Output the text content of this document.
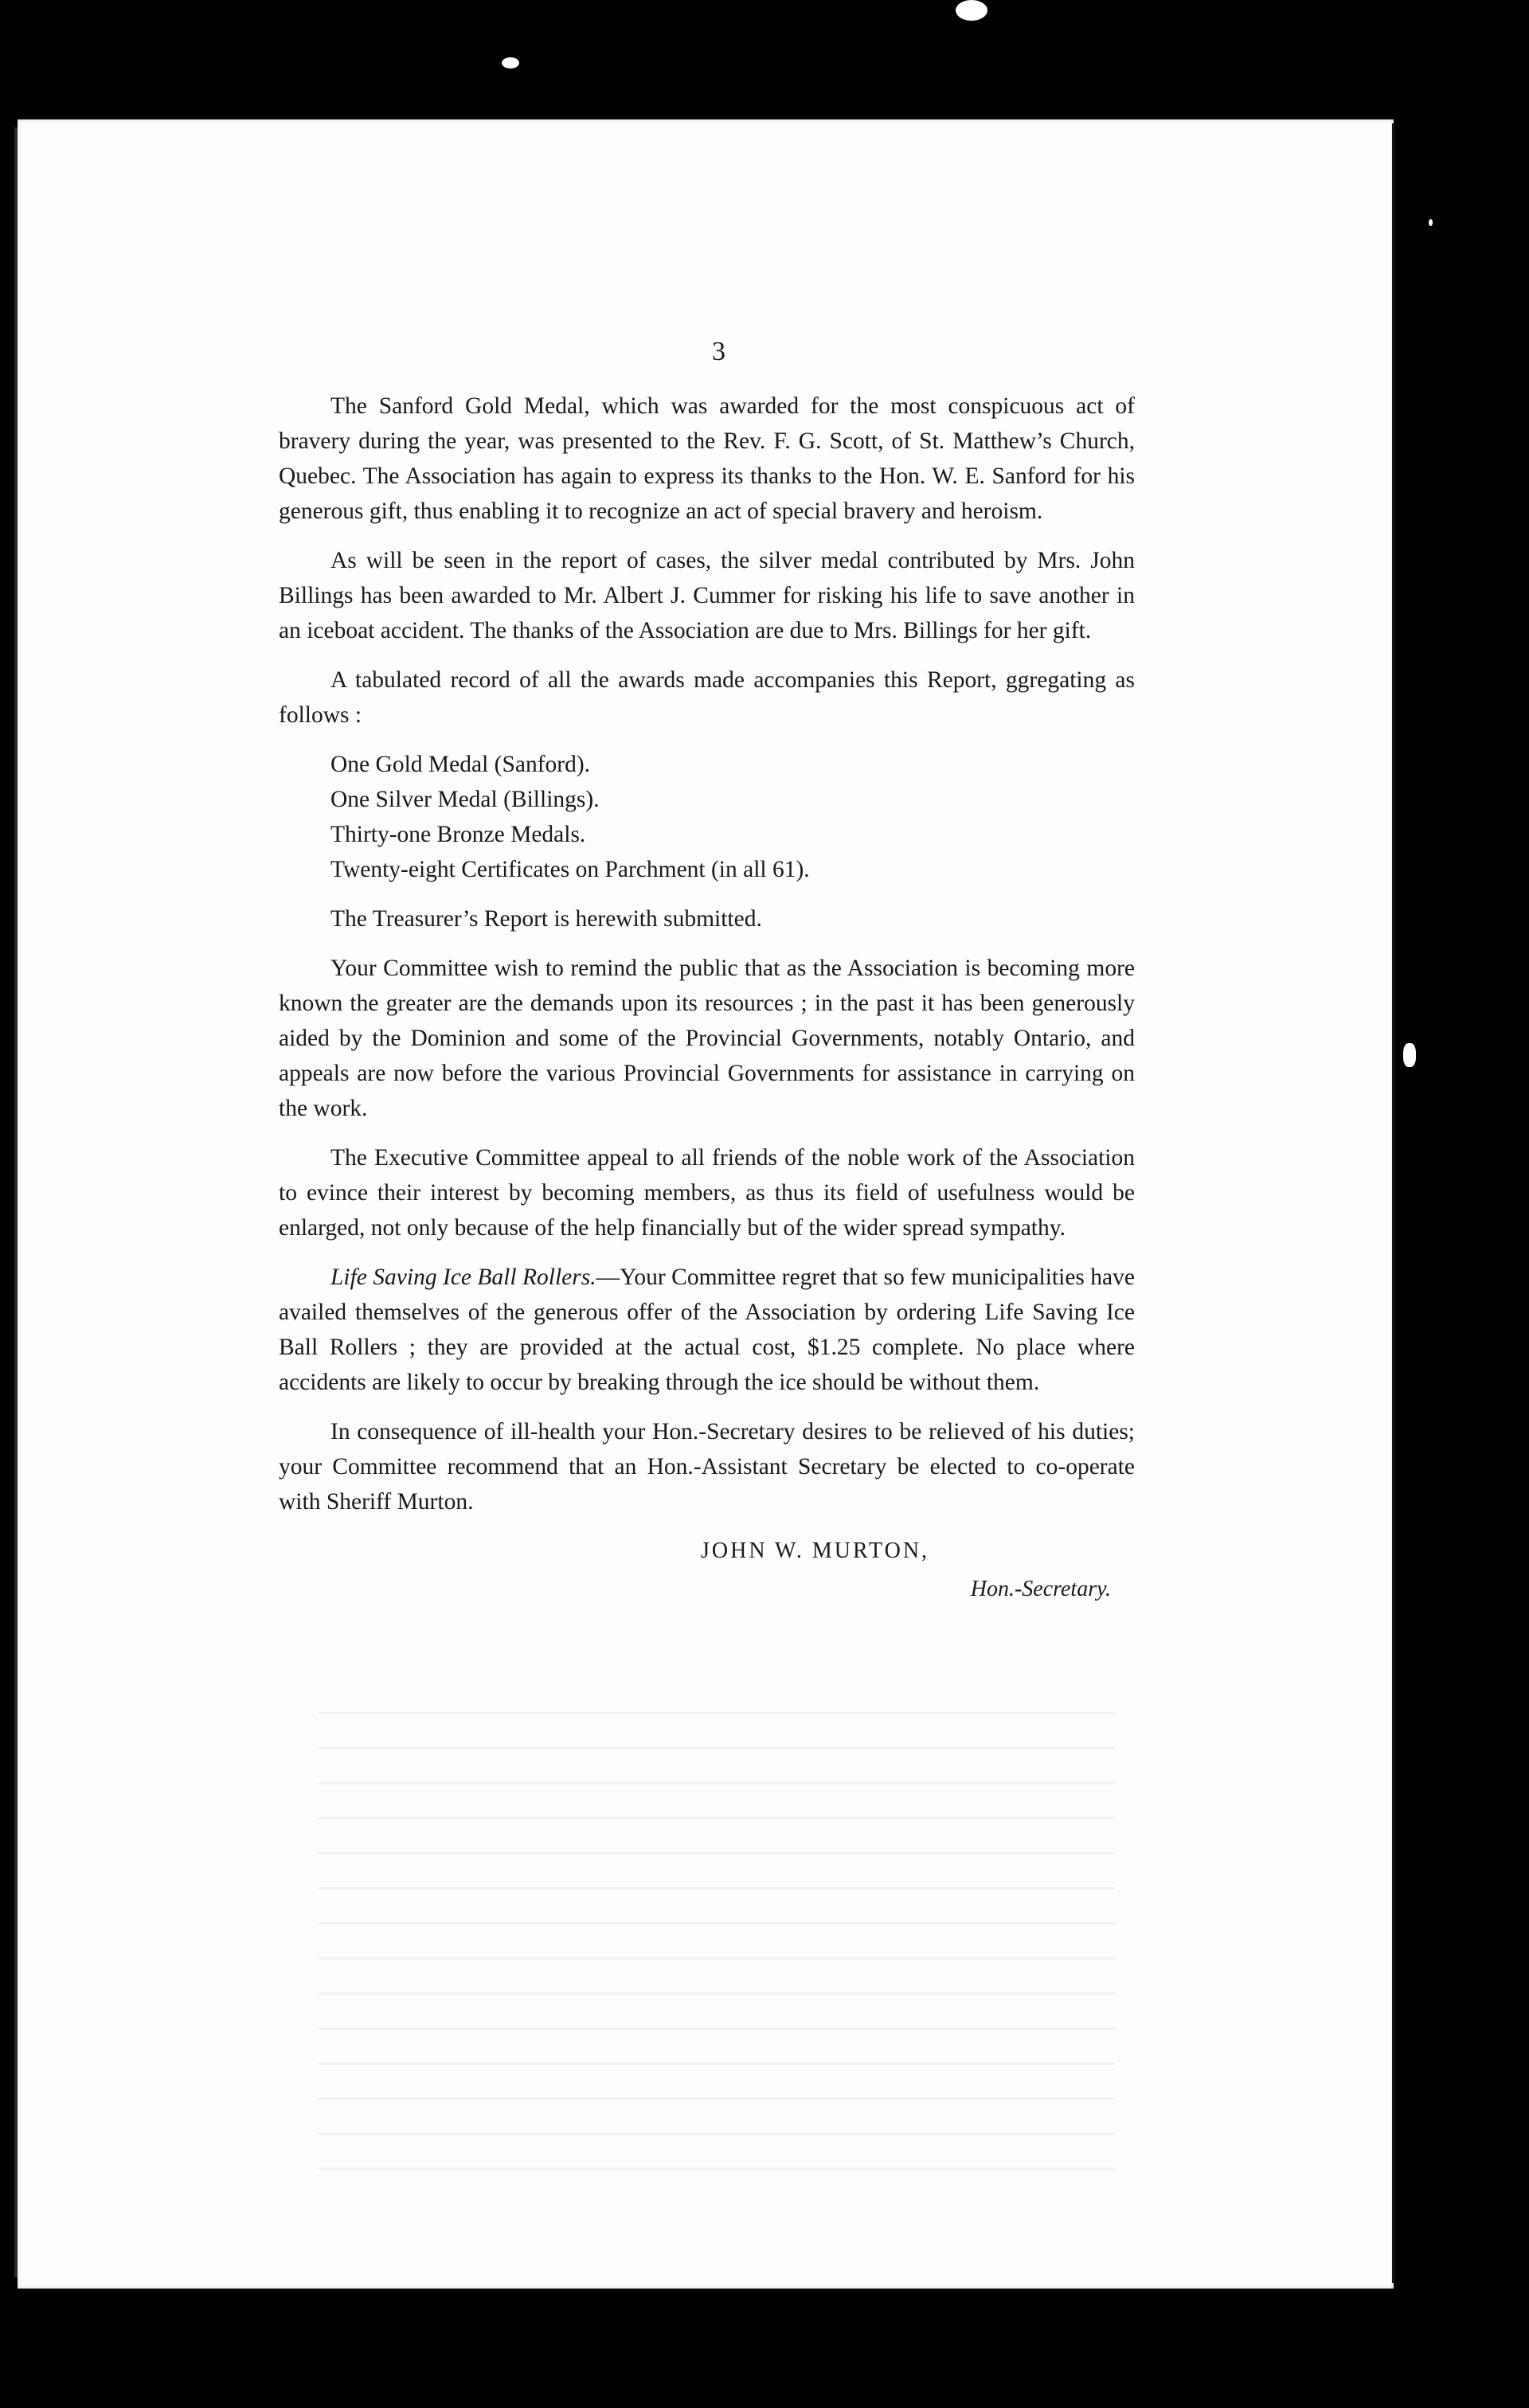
3

The Sanford Gold Medal, which was awarded for the most conspicuous act of bravery during the year, was presented to the Rev. F. G. Scott, of St. Matthew’s Church, Quebec. The Association has again to express its thanks to the Hon. W. E. Sanford for his generous gift, thus enabling it to recognize an act of special bravery and heroism.

As will be seen in the report of cases, the silver medal contributed by Mrs. John Billings has been awarded to Mr. Albert J. Cummer for risking his life to save another in an iceboat accident. The thanks of the Association are due to Mrs. Billings for her gift.

A tabulated record of all the awards made accompanies this Report, ggregating as follows :

One Gold Medal (Sanford).
One Silver Medal (Billings).
Thirty-one Bronze Medals.
Twenty-eight Certificates on Parchment (in all 61).

The Treasurer’s Report is herewith submitted.

Your Committee wish to remind the public that as the Association is becoming more known the greater are the demands upon its resources ; in the past it has been generously aided by the Dominion and some of the Provincial Governments, notably Ontario, and appeals are now before the various Provincial Governments for assistance in carrying on the work.

The Executive Committee appeal to all friends of the noble work of the Association to evince their interest by becoming members, as thus its field of usefulness would be enlarged, not only because of the help financially but of the wider spread sympathy.

Life Saving Ice Ball Rollers.—Your Committee regret that so few municipalities have availed themselves of the generous offer of the Association by ordering Life Saving Ice Ball Rollers ; they are provided at the actual cost, $1.25 complete. No place where accidents are likely to occur by breaking through the ice should be without them.

In consequence of ill-health your Hon.-Secretary desires to be relieved of his duties; your Committee recommend that an Hon.-Assistant Secretary be elected to co-operate with Sheriff Murton.

JOHN W. MURTON,
Hon.-Secretary.
